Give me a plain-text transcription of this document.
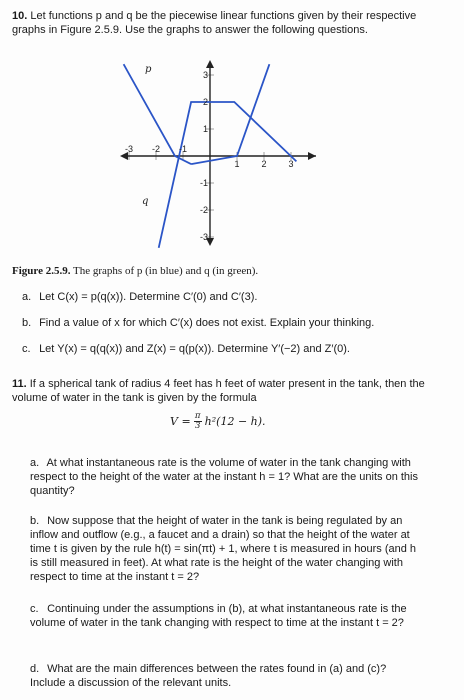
10. Let functions p and q be the piecewise linear functions given by their respective graphs in Figure 2.5.9. Use the graphs to answer the following questions.
-3 -2 -1
1 2 3
3
2
1
-1
-2
-3
p
q
Figure 2.5.9. The graphs of p (in blue) and q (in green).
a. Let C(x) = p(q(x)). Determine C′(0) and C′(3).
b. Find a value of x for which C′(x) does not exist. Explain your thinking.
c. Let Y(x) = q(q(x)) and Z(x) = q(p(x)). Determine Y′(−2) and Z′(0).
11. If a spherical tank of radius 4 feet has h feet of water present in the tank, then the volume of water in the tank is given by the formula
$V = \frac{\pi}{3} h^2(12 - h)$.
a. At what instantaneous rate is the volume of water in the tank changing with respect to the height of the water at the instant h = 1? What are the units on this quantity?
b. Now suppose that the height of water in the tank is being regulated by an inflow and outflow (e.g., a faucet and a drain) so that the height of the water at time t is given by the rule h(t) = sin(πt) + 1, where t is measured in hours (and h is still measured in feet). At what rate is the height of the water changing with respect to time at the instant t = 2?
c. Continuing under the assumptions in (b), at what instantaneous rate is the volume of water in the tank changing with respect to time at the instant t = 2?
d. What are the main differences between the rates found in (a) and (c)? Include a discussion of the relevant units.
